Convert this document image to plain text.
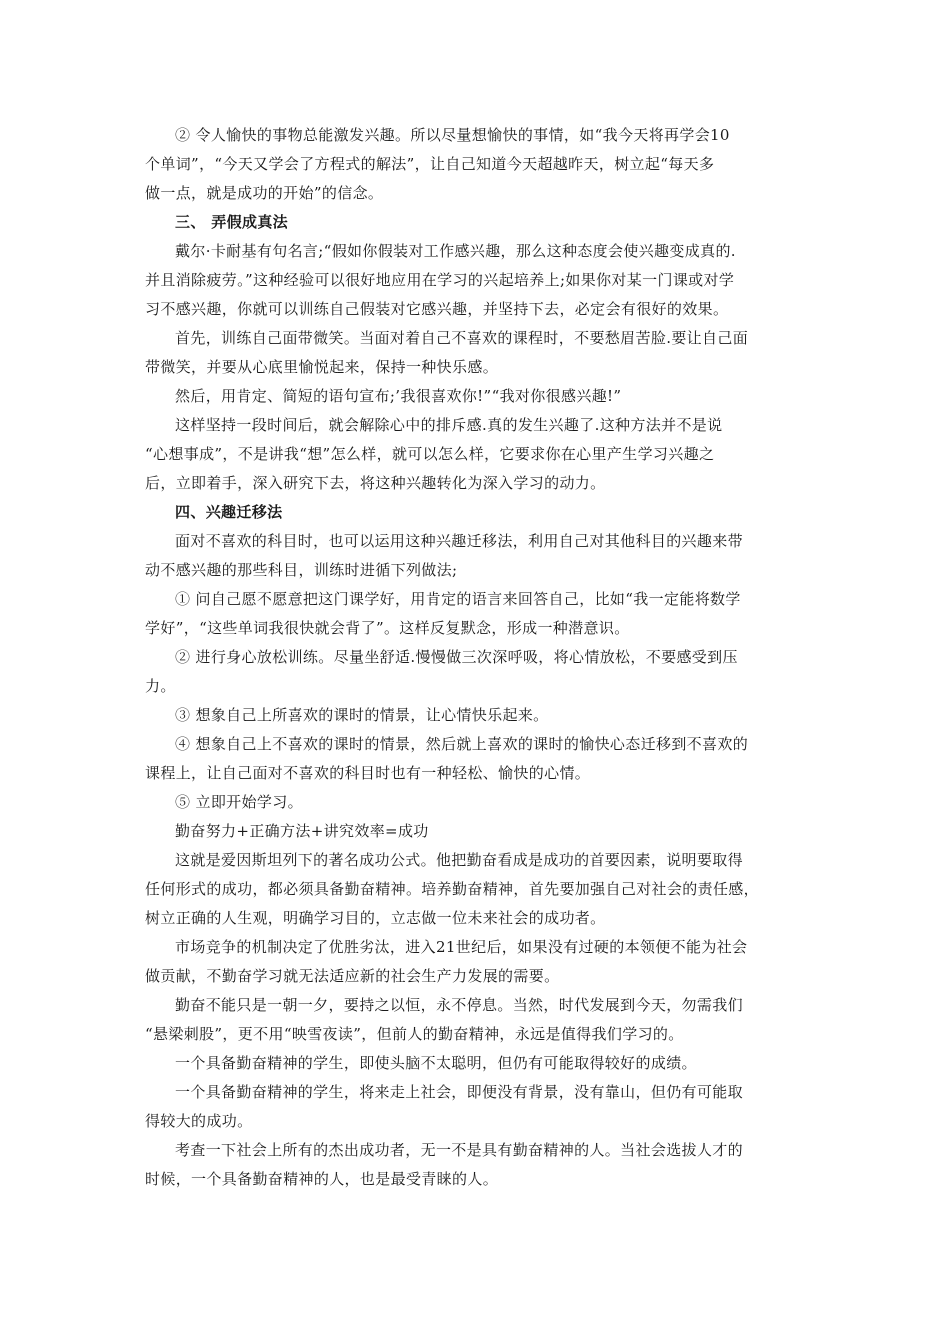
② 令人愉快的事物总能激发兴趣。所以尽量想愉快的事情，如“我今天将再学会10
个单词”，“今天又学会了方程式的解法”，让自己知道今天超越昨天，树立起“每天多
做一点，就是成功的开始”的信念。
三、 弄假成真法
戴尔·卡耐基有句名言;“假如你假装对工作感兴趣，那么这种态度会使兴趣变成真的.
并且消除疲劳。”这种经验可以很好地应用在学习的兴起培养上;如果你对某一门课或对学
习不感兴趣，你就可以训练自己假装对它感兴趣，并坚持下去，必定会有很好的效果。
首先，训练自己面带微笑。当面对着自己不喜欢的课程时，不要愁眉苦脸.要让自己面
带微笑，并要从心底里愉悦起来，保持一种快乐感。
然后，用肯定、简短的语句宣布;’我很喜欢你!”“我对你很感兴趣!”
这样坚持一段时间后，就会解除心中的排斥感.真的发生兴趣了.这种方法并不是说
“心想事成”，不是讲我“想”怎么样，就可以怎么样，它要求你在心里产生学习兴趣之
后，立即着手，深入研究下去，将这种兴趣转化为深入学习的动力。
四、兴趣迁移法
面对不喜欢的科目时，也可以运用这种兴趣迁移法，利用自己对其他科目的兴趣来带
动不感兴趣的那些科目，训练时进循下列做法;
① 问自己愿不愿意把这门课学好，用肯定的语言来回答自己，比如“我一定能将数学
学好”，“这些单词我很快就会背了”。这样反复默念，形成一种潜意识。
② 进行身心放松训练。尽量坐舒适.慢慢做三次深呼吸，将心情放松，不要感受到压
力。
③ 想象自己上所喜欢的课时的情景，让心情快乐起来。
④ 想象自己上不喜欢的课时的情景，然后就上喜欢的课时的愉快心态迁移到不喜欢的
课程上，让自己面对不喜欢的科目时也有一种轻松、愉快的心情。
⑤ 立即开始学习。
勤奋努力+正确方法+讲究效率=成功
这就是爱因斯坦列下的著名成功公式。他把勤奋看成是成功的首要因素，说明要取得
任何形式的成功，都必须具备勤奋精神。培养勤奋精神，首先要加强自己对社会的责任感，
树立正确的人生观，明确学习目的，立志做一位未来社会的成功者。
市场竞争的机制决定了优胜劣汰，进入21世纪后，如果没有过硬的本领便不能为社会
做贡献，不勤奋学习就无法适应新的社会生产力发展的需要。
勤奋不能只是一朝一夕，要持之以恒，永不停息。当然，时代发展到今天，勿需我们
“悬梁刺股”，更不用“映雪夜读”，但前人的勤奋精神，永远是值得我们学习的。
一个具备勤奋精神的学生，即使头脑不太聪明，但仍有可能取得较好的成绩。
一个具备勤奋精神的学生，将来走上社会，即便没有背景，没有靠山，但仍有可能取
得较大的成功。
考查一下社会上所有的杰出成功者，无一不是具有勤奋精神的人。当社会选拔人才的
时候，一个具备勤奋精神的人，也是最受青睐的人。
